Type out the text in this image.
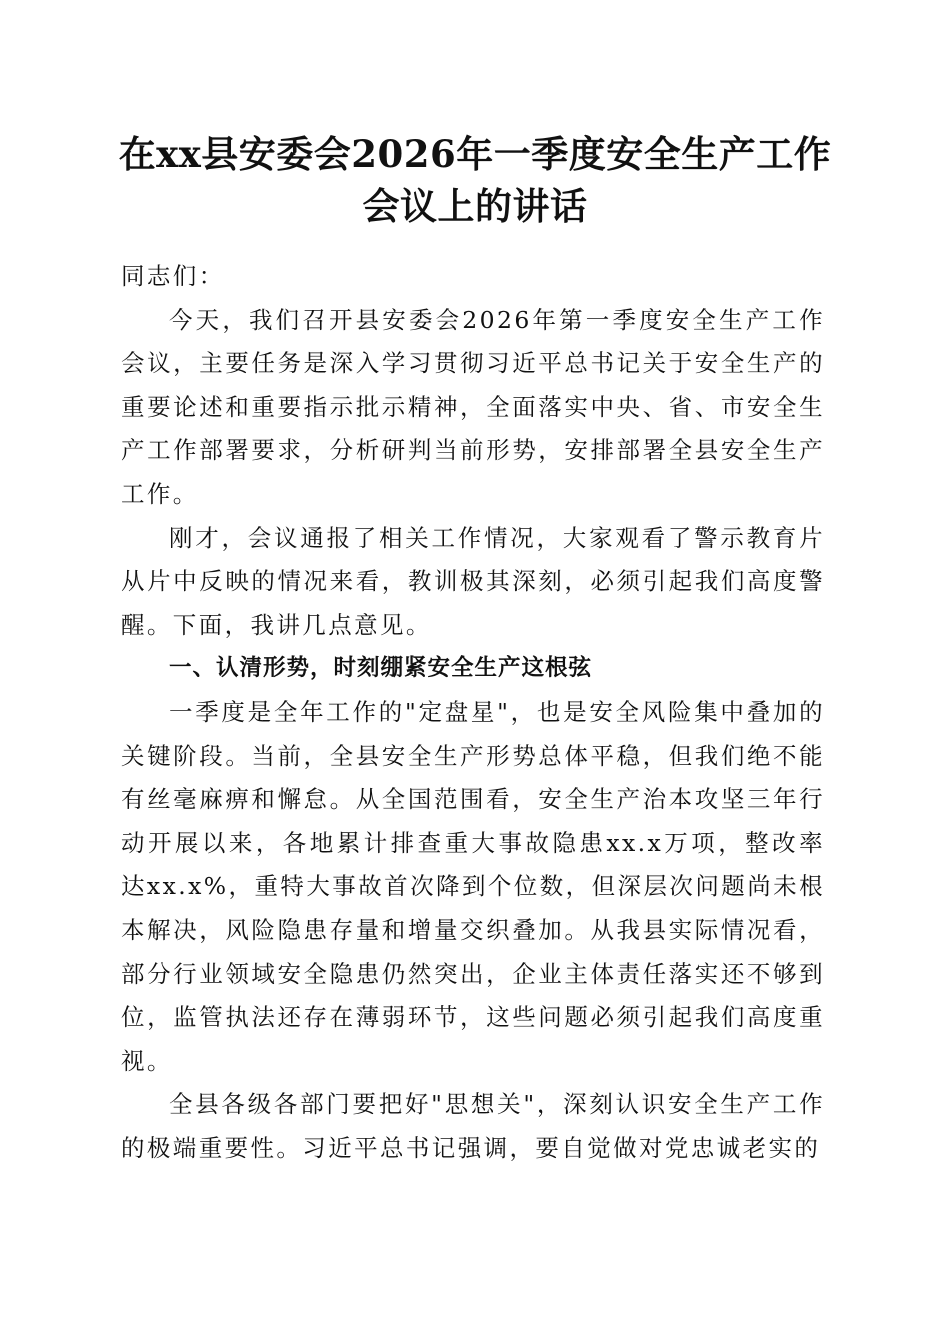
在xx县安委会2026年一季度安全生产工作会议上的讲话

同志们：

今天，我们召开县安委会2026年第一季度安全生产工作会议，主要任务是深入学习贯彻习近平总书记关于安全生产的重要论述和重要指示批示精神，全面落实中央、省、市安全生产工作部署要求，分析研判当前形势，安排部署全县安全生产工作。

刚才，会议通报了相关工作情况，大家观看了警示教育片从片中反映的情况来看，教训极其深刻，必须引起我们高度警醒。下面，我讲几点意见。

一、认清形势，时刻绷紧安全生产这根弦

一季度是全年工作的"定盘星"，也是安全风险集中叠加的关键阶段。当前，全县安全生产形势总体平稳，但我们绝不能有丝毫麻痹和懈怠。从全国范围看，安全生产治本攻坚三年行动开展以来，各地累计排查重大事故隐患xx.x万项，整改率达xx.x%，重特大事故首次降到个位数，但深层次问题尚未根本解决，风险隐患存量和增量交织叠加。从我县实际情况看，部分行业领域安全隐患仍然突出，企业主体责任落实还不够到位，监管执法还存在薄弱环节，这些问题必须引起我们高度重视。

全县各级各部门要把好"思想关"，深刻认识安全生产工作的极端重要性。习近平总书记强调，要自觉做对党忠诚老实的
